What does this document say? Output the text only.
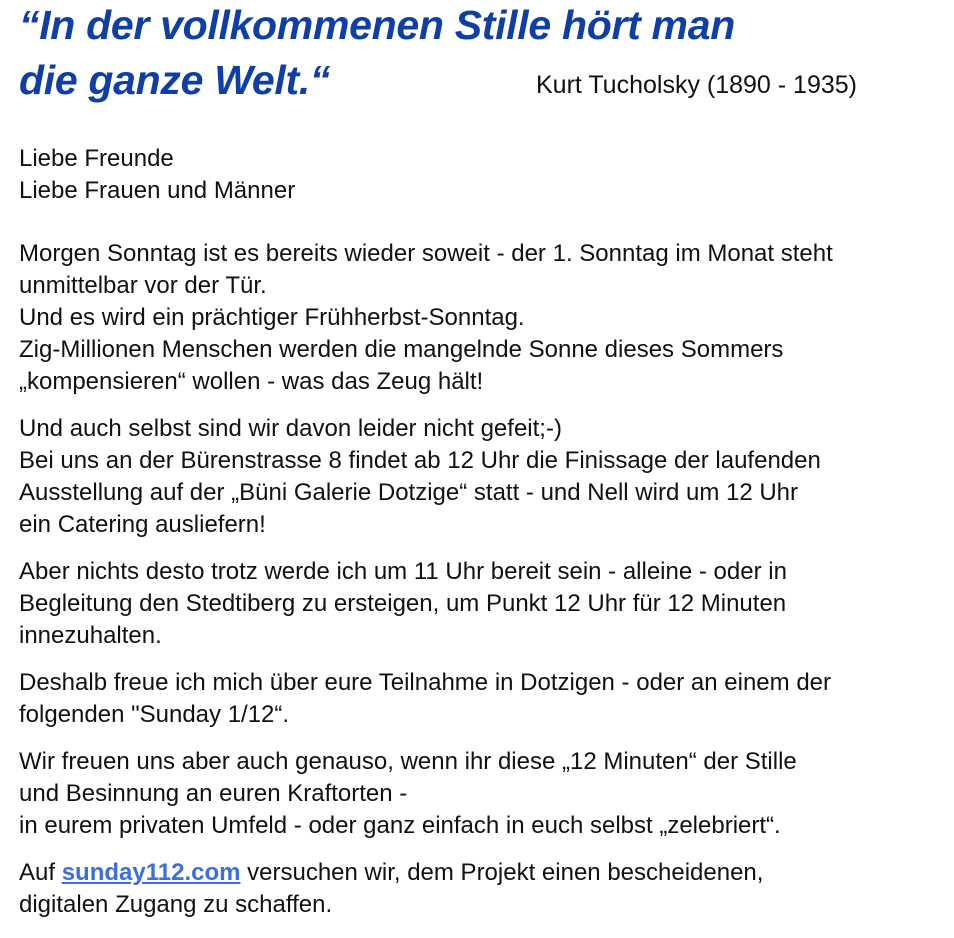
“In der vollkommenen Stille hört man
die ganze Welt.“	Kurt Tucholsky (1890 - 1935)
Liebe Freunde
Liebe Frauen und Männer
Morgen Sonntag ist es bereits wieder soweit - der 1. Sonntag im Monat steht
unmittelbar vor der Tür.
Und es wird ein prächtiger Frühherbst-Sonntag.
Zig-Millionen Menschen werden die mangelnde Sonne dieses Sommers
„kompensieren“ wollen - was das Zeug hält!
Und auch selbst sind wir davon leider nicht gefeit;-)
Bei uns an der Bürenstrasse 8 findet ab 12 Uhr die Finissage der laufenden
Ausstellung auf der „Büni Galerie Dotzige“ statt - und Nell wird um 12 Uhr
ein Catering ausliefern!
Aber nichts desto trotz werde ich um 11 Uhr bereit sein - alleine - oder in
Begleitung den Stedtiberg zu ersteigen, um Punkt 12 Uhr für 12 Minuten
innezuhalten.
Deshalb freue ich mich über eure Teilnahme in Dotzigen - oder an einem der
folgenden "Sunday 1/12“.
Wir freuen uns aber auch genauso, wenn ihr diese „12 Minuten“ der Stille
und Besinnung an euren Kraftorten -
in eurem privaten Umfeld - oder ganz einfach in euch selbst „zelebriert“.
Auf sunday112.com versuchen wir, dem Projekt einen bescheidenen,
digitalen Zugang zu schaffen.
